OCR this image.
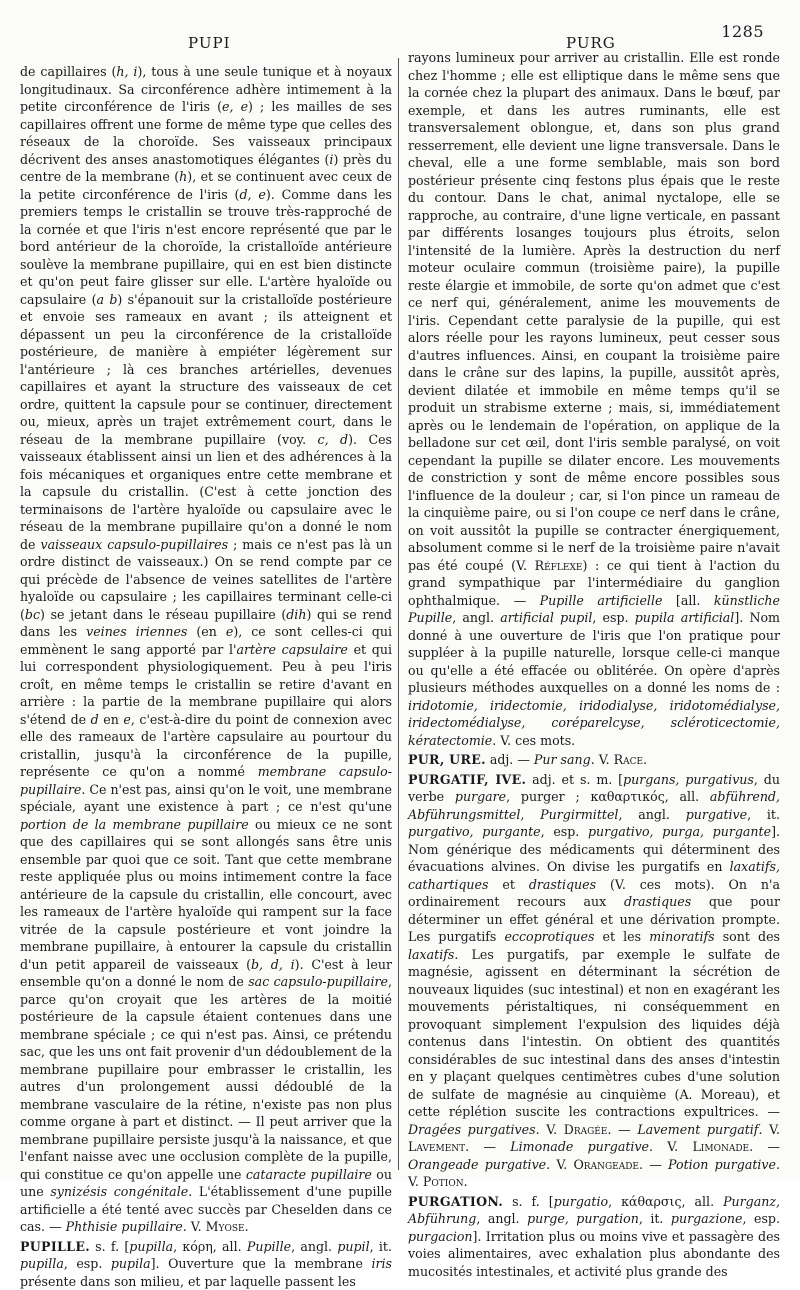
PUPI	PURG
1285

de capillaires (h, i), tous à une seule tunique et à noyaux longitudinaux. Sa circonférence adhère intimement à la petite circonférence de l'iris (e, e) ; les mailles de ses capillaires offrent une forme de même type que celles des réseaux de la choroïde. Ses vaisseaux principaux décrivent des anses anastomotiques élégantes (i) près du centre de la membrane (h), et se continuent avec ceux de la petite circonférence de l'iris (d, e). Comme dans les premiers temps le cristallin se trouve très-rapproché de la cornée et que l'iris n'est encore représenté que par le bord antérieur de la choroïde, la cristalloïde antérieure soulève la membrane pupillaire, qui en est bien distincte et qu'on peut faire glisser sur elle. L'artère hyaloïde ou capsulaire (a b) s'épanouit sur la cristalloïde postérieure et envoie ses rameaux en avant ; ils atteignent et dépassent un peu la circonférence de la cristalloïde postérieure, de manière à empiéter légèrement sur l'antérieure ; là ces branches artérielles, devenues capillaires et ayant la structure des vaisseaux de cet ordre, quittent la capsule pour se continuer, directement ou, mieux, après un trajet extrêmement court, dans le réseau de la membrane pupillaire (voy. c, d). Ces vaisseaux établissent ainsi un lien et des adhérences à la fois mécaniques et organiques entre cette membrane et la capsule du cristallin. (C'est à cette jonction des terminaisons de l'artère hyaloïde ou capsulaire avec le réseau de la membrane pupillaire qu'on a donné le nom de vaisseaux capsulo-pupillaires ; mais ce n'est pas là un ordre distinct de vaisseaux.) On se rend compte par ce qui précède de l'absence de veines satellites de l'artère hyaloïde ou capsulaire ; les capillaires terminant celle-ci (bc) se jetant dans le réseau pupillaire (dih) qui se rend dans les veines iriennes (en e), ce sont celles-ci qui emmènent le sang apporté par l'artère capsulaire et qui lui correspondent physiologiquement. Peu à peu l'iris croît, en même temps le cristallin se retire d'avant en arrière : la partie de la membrane pupillaire qui alors s'étend de d en e, c'est-à-dire du point de connexion avec elle des rameaux de l'artère capsulaire au pourtour du cristallin, jusqu'à la circonférence de la pupille, représente ce qu'on a nommé membrane capsulo-pupillaire. Ce n'est pas, ainsi qu'on le voit, une membrane spéciale, ayant une existence à part ; ce n'est qu'une portion de la membrane pupillaire ou mieux ce ne sont que des capillaires qui se sont allongés sans être unis ensemble par quoi que ce soit. Tant que cette membrane reste appliquée plus ou moins intimement contre la face antérieure de la capsule du cristallin, elle concourt, avec les rameaux de l'artère hyaloïde qui rampent sur la face vitrée de la capsule postérieure et vont joindre la membrane pupillaire, à entourer la capsule du cristallin d'un petit appareil de vaisseaux (b, d, i). C'est à leur ensemble qu'on a donné le nom de sac capsulo-pupillaire, parce qu'on croyait que les artères de la moitié postérieure de la capsule étaient contenues dans une membrane spéciale ; ce qui n'est pas. Ainsi, ce prétendu sac, que les uns ont fait provenir d'un dédoublement de la membrane pupillaire pour embrasser le cristallin, les autres d'un prolongement aussi dédoublé de la membrane vasculaire de la rétine, n'existe pas non plus comme organe à part et distinct. — Il peut arriver que la membrane pupillaire persiste jusqu'à la naissance, et que l'enfant naisse avec une occlusion complète de la pupille, qui constitue ce qu'on appelle une cataracte pupillaire ou une synizésis congénitale. L'établissement d'une pupille artificielle a été tenté avec succès par Cheselden dans ce cas. — Phthisie pupillaire. V. Myose.

PUPILLE. s. f. [pupilla, κόρη, all. Pupille, angl. pupil, it. pupilla, esp. pupila]. Ouverture que la membrane iris présente dans son milieu, et par laquelle passent les

rayons lumineux pour arriver au cristallin. Elle est ronde chez l'homme ; elle est elliptique dans le même sens que la cornée chez la plupart des animaux. Dans le bœuf, par exemple, et dans les autres ruminants, elle est transversalement oblongue, et, dans son plus grand resserrement, elle devient une ligne transversale. Dans le cheval, elle a une forme semblable, mais son bord postérieur présente cinq festons plus épais que le reste du contour. Dans le chat, animal nyctalope, elle se rapproche, au contraire, d'une ligne verticale, en passant par différents losanges toujours plus étroits, selon l'intensité de la lumière. Après la destruction du nerf moteur oculaire commun (troisième paire), la pupille reste élargie et immobile, de sorte qu'on admet que c'est ce nerf qui, généralement, anime les mouvements de l'iris. Cependant cette paralysie de la pupille, qui est alors réelle pour les rayons lumineux, peut cesser sous d'autres influences. Ainsi, en coupant la troisième paire dans le crâne sur des lapins, la pupille, aussitôt après, devient dilatée et immobile en même temps qu'il se produit un strabisme externe ; mais, si, immédiatement après ou le lendemain de l'opération, on applique de la belladone sur cet œil, dont l'iris semble paralysé, on voit cependant la pupille se dilater encore. Les mouvements de constriction y sont de même encore possibles sous l'influence de la douleur ; car, si l'on pince un rameau de la cinquième paire, ou si l'on coupe ce nerf dans le crâne, on voit aussitôt la pupille se contracter énergiquement, absolument comme si le nerf de la troisième paire n'avait pas été coupé (V. Réflexe) : ce qui tient à l'action du grand sympathique par l'intermédiaire du ganglion ophthalmique. — Pupille artificielle [all. künstliche Pupille, angl. artificial pupil, esp. pupila artificial]. Nom donné à une ouverture de l'iris que l'on pratique pour suppléer à la pupille naturelle, lorsque celle-ci manque ou qu'elle a été effacée ou oblitérée. On opère d'après plusieurs méthodes auxquelles on a donné les noms de : iridotomie, iridectomie, iridodialyse, iridotomédialyse, iridectomédialyse, coréparelcyse, scléroticectomie, kératectomie. V. ces mots.

PUR, URE. adj. — Pur sang. V. Race.

PURGATIF, IVE. adj. et s. m. [purgans, purgativus, du verbe purgare, purger ; καθαρτικός, all. abführend, Abführungsmittel, Purgirmittel, angl. purgative, it. purgativo, purgante, esp. purgativo, purga, purgante]. Nom générique des médicaments qui déterminent des évacuations alvines. On divise les purgatifs en laxatifs, cathartiques et drastiques (V. ces mots). On n'a ordinairement recours aux drastiques que pour déterminer un effet général et une dérivation prompte. Les purgatifs eccoprotiques et les minoratifs sont des laxatifs. Les purgatifs, par exemple le sulfate de magnésie, agissent en déterminant la sécrétion de nouveaux liquides (suc intestinal) et non en exagérant les mouvements péristaltiques, ni conséquemment en provoquant simplement l'expulsion des liquides déjà contenus dans l'intestin. On obtient des quantités considérables de suc intestinal dans des anses d'intestin en y plaçant quelques centimètres cubes d'une solution de sulfate de magnésie au cinquième (A. Moreau), et cette réplétion suscite les contractions expultrices. — Dragées purgatives. V. Dragée. — Lavement purgatif. V. Lavement. — Limonade purgative. V. Limonade. — Orangeade purgative. V. Orangeade. — Potion purgative. V. Potion.

PURGATION. s. f. [purgatio, κάθαρσις, all. Purganz, Abführung, angl. purge, purgation, it. purgazione, esp. purgacion]. Irritation plus ou moins vive et passagère des voies alimentaires, avec exhalation plus abondante des mucosités intestinales, et activité plus grande des
